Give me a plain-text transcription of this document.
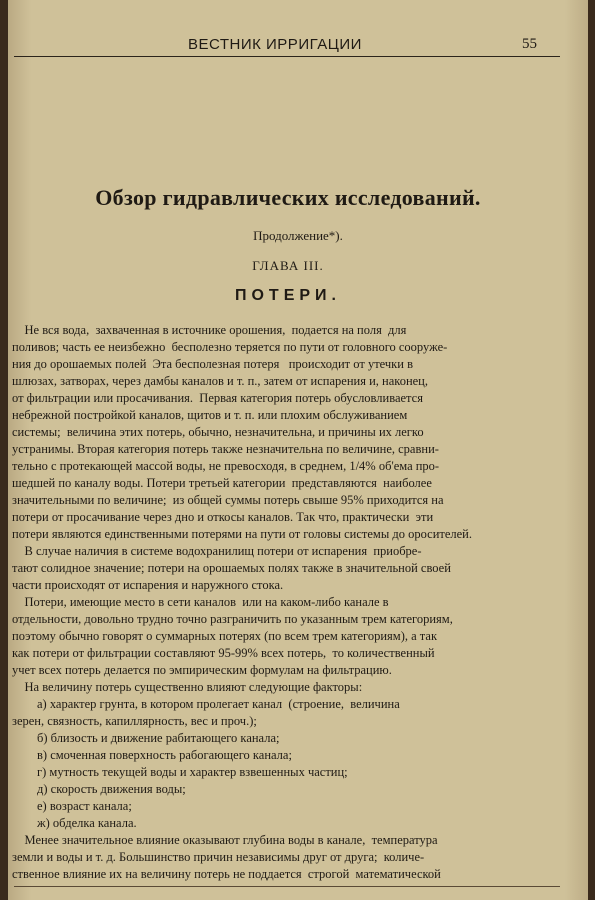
ВЕСТНИК ИРРИГАЦИИ	55
Обзор гидравлических исследований.
Продолжение*).
ГЛАВА III.
ПОТЕРИ.
Не вся вода,  захваченная в источнике орошения,  подается на поля  для
поливов; часть ее неизбежно  бесполезно теряется по пути от головного сооруже-
ния до орошаемых полей  Эта бесполезная потеря   происходит от утечки в
шлюзах, затворах, через дамбы каналов и т. п., затем от испарения и, наконец,
от фильтрации или просачивания.  Первая категория потерь обусловливается
небрежной постройкой каналов, щитов и т. п. или плохим обслуживанием
системы;  величина этих потерь, обычно, незначительна, и причины их легко
устранимы. Вторая категория потерь также незначительна по величине, сравни-
тельно с протекающей массой воды, не превосходя, в среднем, 1/4% об'ема про-
шедшей по каналу воды. Потери третьей категории  представляются  наиболее
значительными по величине;  из общей суммы потерь свыше 95% приходится на
потери от просачивание через дно и откосы каналов. Так что, практически  эти
потери являются единственными потерями на пути от головы системы до оросителей.
В случае наличия в системе водохранилищ потери от испарения  приобре-
тают солидное значение; потери на орошаемых полях также в значительной своей
части происходят от испарения и наружного стока.
Потери, имеющие место в сети каналов  или на каком-либо канале в
отдельности, довольно трудно точно разграничить по указанным трем категориям,
поэтому обычно говорят о суммарных потерях (по всем трем категориям), а так
как потери от фильтрации составляют 95-99% всех потерь,  то количественный
учет всех потерь делается по эмпирическим формулам на фильтрацию.
На величину потерь существенно влияют следующие факторы:
а) характер грунта, в котором пролегает канал  (строение,  величина
зерен, связность, капиллярность, вес и проч.);
б) близость и движение рабитающего канала;
в) смоченная поверхность рабогающего канала;
г) мутность текущей воды и характер взвешенных частиц;
д) скорость движения воды;
е) возраст канала;
ж) обделка канала.
Менее значительное влияние оказывают глубина воды в канале,  температура
земли и воды и т. д. Большинство причин независимы друг от друга;  количе-
ственное влияние их на величину потерь не поддается  строгой  математической
